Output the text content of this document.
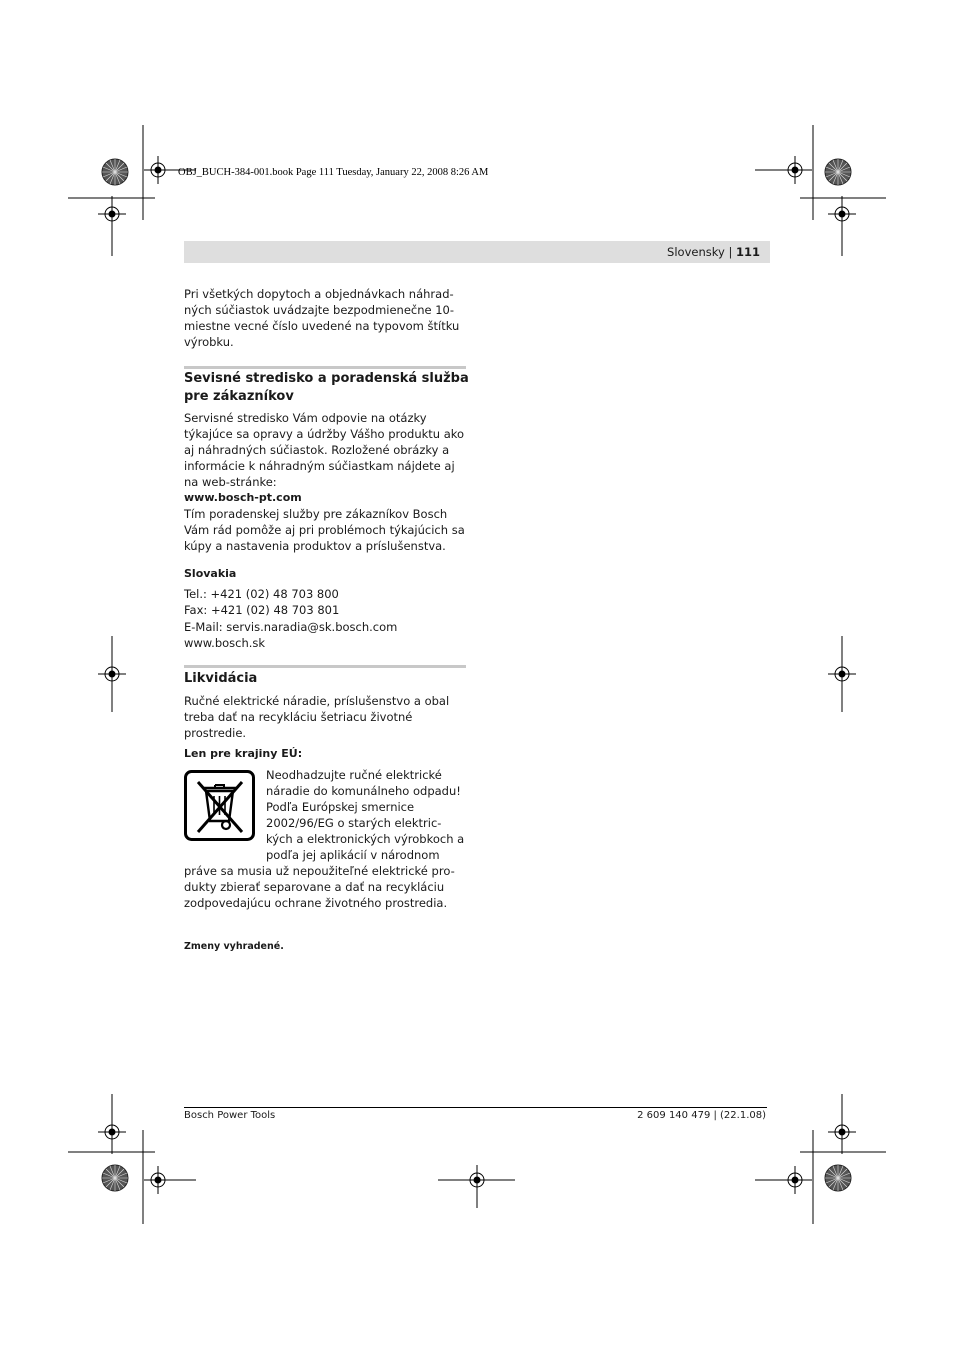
OBJ_BUCH-384-001.book Page 111 Tuesday, January 22, 2008 8:26 AM
Slovensky | 111

Pri všetkých dopytoch a objednávkach náhrad-ných súčiastok uvádzajte bezpodmienečne 10-miestne vecné číslo uvedené na typovom štítku výrobku.

Sevisné stredisko a poradenská služba pre zákazníkov

Servisné stredisko Vám odpovie na otázky týkajúce sa opravy a údržby Vášho produktu ako aj náhradných súčiastok. Rozložené obrázky a informácie k náhradným súčiastkam nájdete aj na web-stránke:

www.bosch-pt.com

Tím poradenskej služby pre zákazníkov Bosch Vám rád pomôže aj pri problémoch týkajúcich sa kúpy a nastavenia produktov a príslušenstva.

Slovakia
Tel.: +421 (02) 48 703 800
Fax: +421 (02) 48 703 801
E-Mail: servis.naradia@sk.bosch.com
www.bosch.sk
Likvidácia

Ručné elektrické náradie, príslušenstvo a obal treba dať na recykláciu šetriacu životné prostredie.

Len pre krajiny EÚ:
Neodhadzujte ručné elektrické
náradie do komunálneho odpadu!
Podľa Európskej smernice
2002/96/EG o starých elektric-
kých a elektronických výrobkoch a
podľa jej aplikácií v národnom

práve sa musia už nepoužiteľné elektrické pro-dukty zbierať separovane a dať na recykláciu zodpovedajúcu ochrane životného prostredia.

Zmeny vyhradené.
Bosch Power Tools	2 609 140 479 | (22.1.08)
